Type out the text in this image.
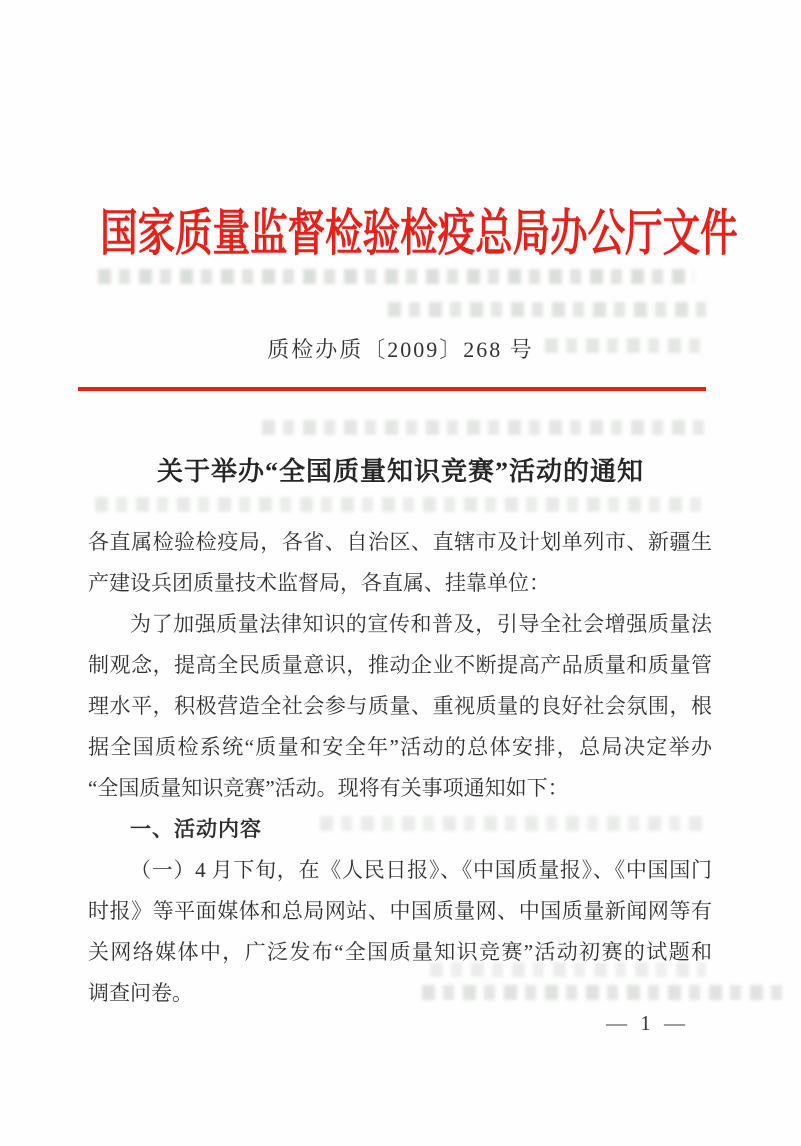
国家质量监督检验检疫总局办公厅文件
质检办质〔2009〕268 号
关于举办“全国质量知识竞赛”活动的通知
各直属检验检疫局，各省、自治区、直辖市及计划单列市、新疆生
产建设兵团质量技术监督局，各直属、挂靠单位：
为了加强质量法律知识的宣传和普及，引导全社会增强质量法
制观念，提高全民质量意识，推动企业不断提高产品质量和质量管
理水平，积极营造全社会参与质量、重视质量的良好社会氛围，根
据全国质检系统“质量和安全年”活动的总体安排，总局决定举办
“全国质量知识竞赛”活动。现将有关事项通知如下：
一、活动内容
（一）4 月下旬，在《人民日报》、《中国质量报》、《中国国门
时报》等平面媒体和总局网站、中国质量网、中国质量新闻网等有
关网络媒体中，广泛发布“全国质量知识竞赛”活动初赛的试题和
调查问卷。
— 1 —
